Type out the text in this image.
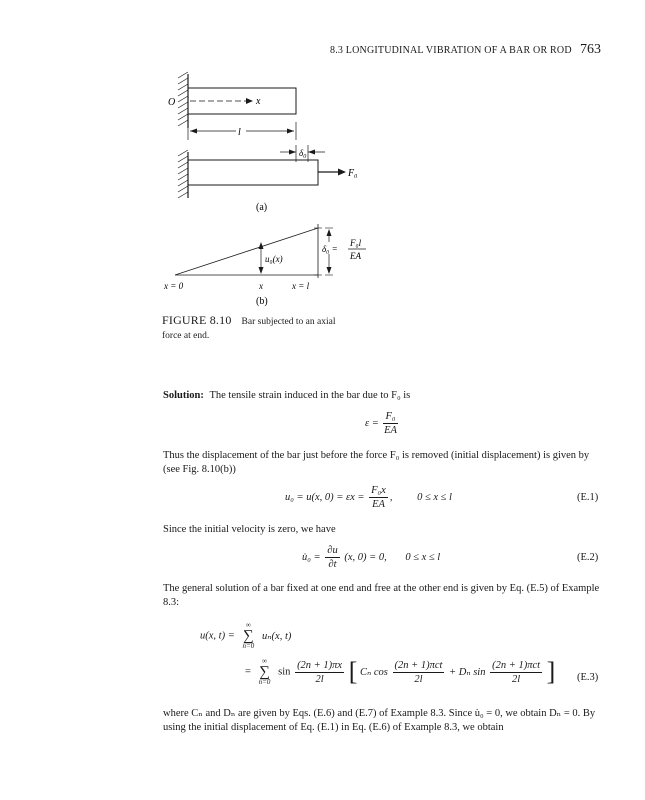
8.3 LONGITUDINAL VIBRATION OF A BAR OR ROD 763
O	x
l
$\delta_0$
$F_0$
(a)
δ₀ =
F₀l
EA
u₀(x)
x = 0	x	x = l
(b)
FIGURE 8.10 Bar subjected to an axial
force at end.
Solution: The tensile strain induced in the bar due to F₀ is
$\varepsilon = \frac{\text{F₀}}{EA}$
Thus the displacement of the bar just before the force F₀ is removed (initial displacement) is given by (see Fig. 8.10(b))
u₀ = u(x, $0) = \varepsilon x = \frac{\text{F₀x}}{EA}$ , 0 ≤ x ≤ l	(E.1)
Since the initial velocity is zero, we have
u̇₀ = $\frac{\partial u}{\partial t} (x$, 0) = 0, 0 ≤ x ≤ l	(E.2)
The general solution of a bar fixed at one end and free at the other end is given by Eq. (E.5) of Example 8.3:
u(x, t) =
∞
∑
n=0
uₙ(x, t)
=
∞
∑
n=0
$\sin \frac{(2n + 1)\pi x}{2l}$ [ Cₙ $\cos \frac{\text{(2n + 1)πct}}{2l} + D_n$ $\sin \frac{\text{(2n + 1)πct}}{2l}$ ] (E.3)
where Cₙ and Dₙ are given by Eqs. (E.6) and (E.7) of Example 8.3. Since u̇₀ = 0, we obtain Dₙ = 0. By using the initial displacement of Eq. (E.1) in Eq. (E.6) of Example 8.3, we obtain
